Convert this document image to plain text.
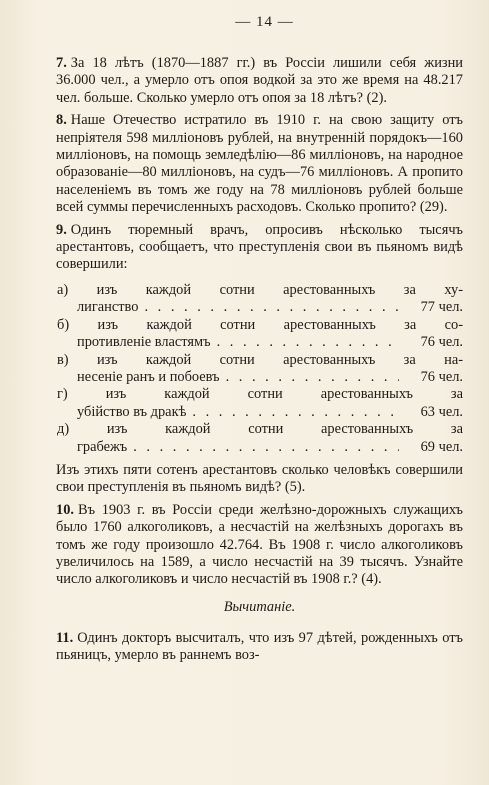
— 14 —

7. За 18 лѣтъ (1870—1887 гг.) въ Россіи лишили себя жизни 36.000 чел., а умерло отъ опоя водкой за это же время на 48.217 чел. больше. Сколько умерло отъ опоя за 18 лѣтъ? (2).

8. Наше Отечество истратило въ 1910 г. на свою защиту отъ непріятеля 598 милліоновъ рублей, на внутренній порядокъ—160 милліоновъ, на помощь земледѣлію—86 милліоновъ, на народное образованіе—80 милліоновъ, на судъ—76 милліоновъ. А пропито населеніемъ въ томъ же году на 78 милліоновъ рублей больше всей суммы перечисленныхъ расходовъ. Сколько пропито? (29).

9. Одинъ тюремный врачъ, опросивъ нѣсколько тысячъ арестантовъ, сообщаетъ, что преступленія свои въ пьяномъ видѣ совершили:

а) изъ каждой сотни арестованныхъ за ху-
лиганство . . .	77 чел.
б) изъ каждой сотни арестованныхъ за со-
противленіе властямъ . . .	76 чел.
в) изъ каждой сотни арестованныхъ за на-
несеніе ранъ и побоевъ . . .	76 чел.
г) изъ каждой сотни арестованныхъ за
убійство въ дракѣ . . .	63 чел.
д) изъ каждой сотни арестованныхъ за
грабежъ . . .	69 чел.

Изъ этихъ пяти сотенъ арестантовъ сколько человѣкъ совершили свои преступленія въ пьяномъ видѣ? (5).

10. Въ 1903 г. въ Россіи среди желѣзно-дорожныхъ служащихъ было 1760 алкоголиковъ, а несчастій на желѣзныхъ дорогахъ въ томъ же году произошло 42.764. Въ 1908 г. число алкоголиковъ увеличилось на 1589, а число несчастій на 39 тысячъ. Узнайте число алкоголиковъ и число несчастій въ 1908 г.? (4).

Вычитаніе.

11. Одинъ докторъ высчиталъ, что изъ 97 дѣтей, рожденныхъ отъ пьяницъ, умерло въ раннемъ воз-
